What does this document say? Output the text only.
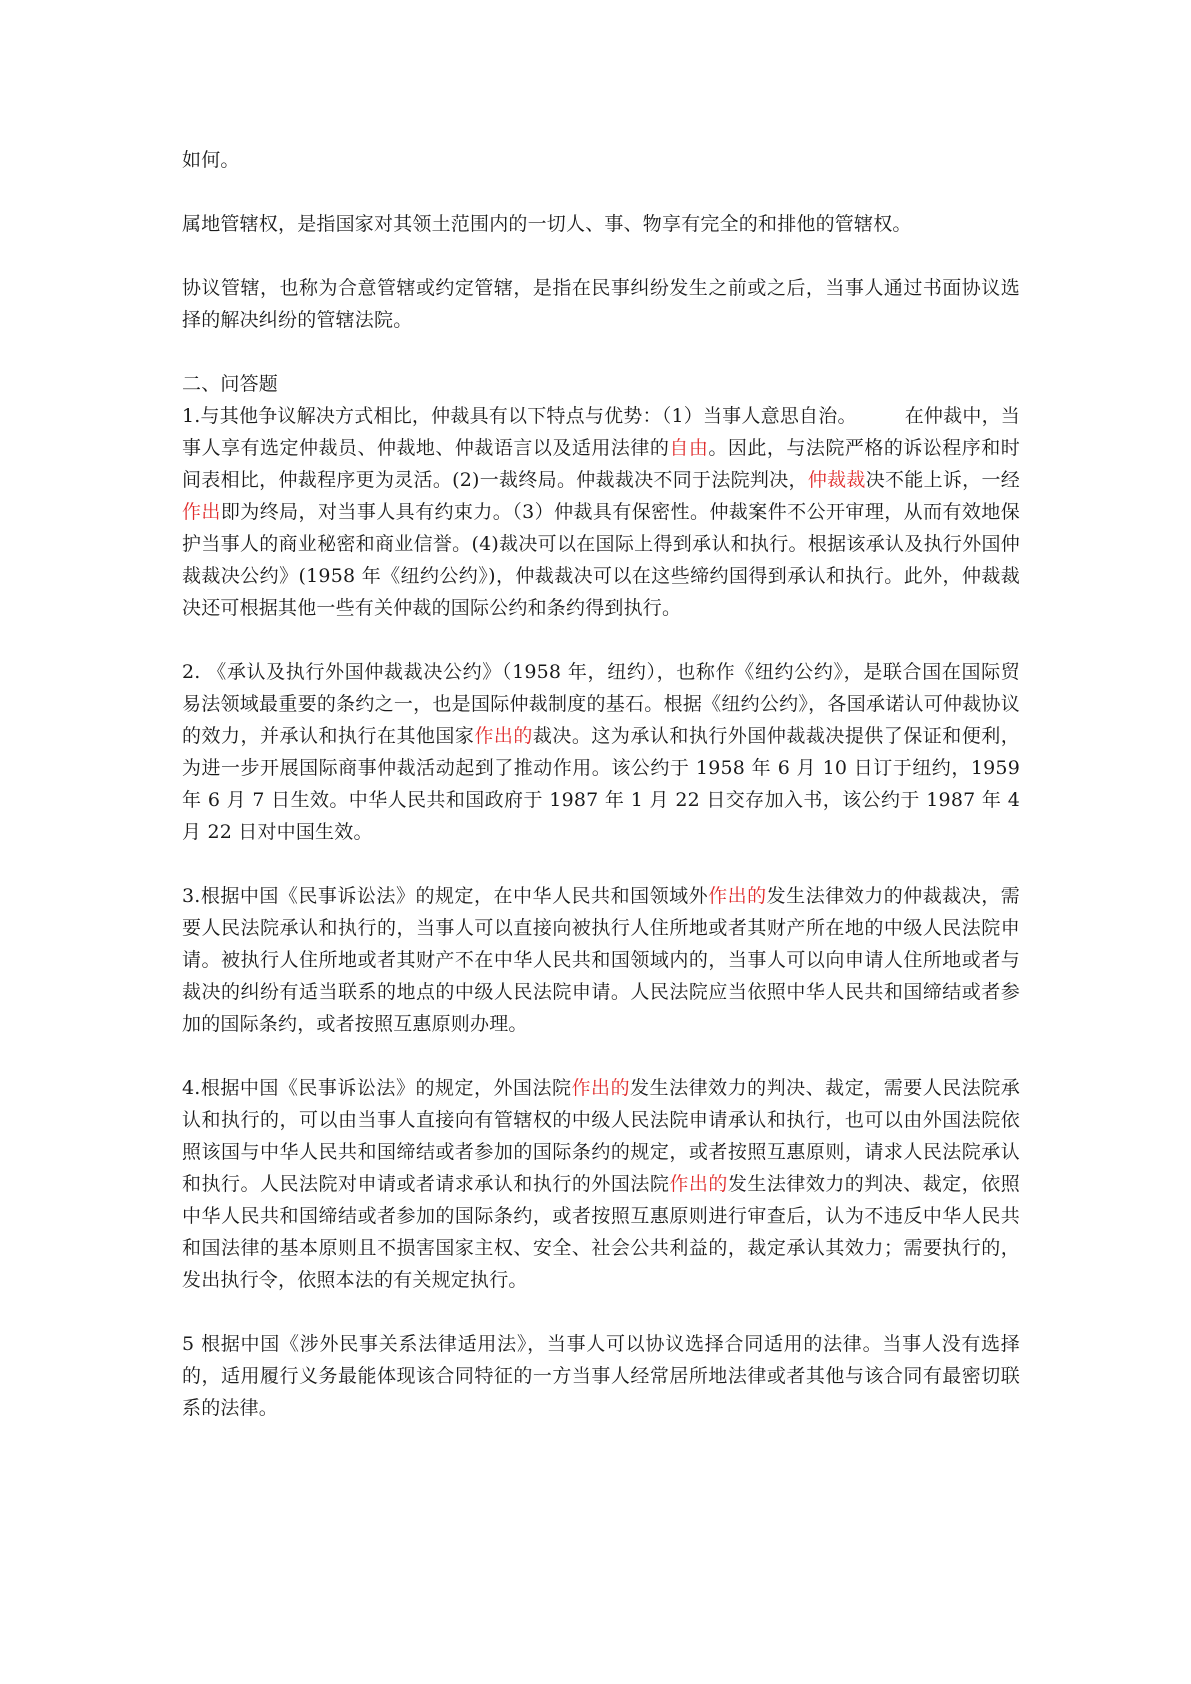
如何。

属地管辖权，是指国家对其领土范围内的一切人、事、物享有完全的和排他的管辖权。

协议管辖，也称为合意管辖或约定管辖，是指在民事纠纷发生之前或之后，当事人通过书面协议选择的解决纠纷的管辖法院。

二、问答题

1.与其他争议解决方式相比，仲裁具有以下特点与优势：（1）当事人意思自治。	在仲裁中，当事人享有选定仲裁员、仲裁地、仲裁语言以及适用法律的自由。因此，与法院严格的诉讼程序和时间表相比，仲裁程序更为灵活。(2)一裁终局。仲裁裁决不同于法院判决，仲裁裁决不能上诉，一经作出即为终局，对当事人具有约束力。（3）仲裁具有保密性。仲裁案件不公开审理，从而有效地保护当事人的商业秘密和商业信誉。(4)裁决可以在国际上得到承认和执行。根据该承认及执行外国仲裁裁决公约》(1958 年《纽约公约》)，仲裁裁决可以在这些缔约国得到承认和执行。此外，仲裁裁决还可根据其他一些有关仲裁的国际公约和条约得到执行。

2. 《承认及执行外国仲裁裁决公约》（1958 年，纽约），也称作《纽约公约》，是联合国在国际贸易法领域最重要的条约之一，也是国际仲裁制度的基石。根据《纽约公约》，各国承诺认可仲裁协议的效力，并承认和执行在其他国家作出的裁决。这为承认和执行外国仲裁裁决提供了保证和便利，为进一步开展国际商事仲裁活动起到了推动作用。该公约于 1958 年 6 月 10 日订于纽约，1959 年 6 月 7 日生效。中华人民共和国政府于 1987 年 1 月 22 日交存加入书，该公约于 1987 年 4 月 22 日对中国生效。

3.根据中国《民事诉讼法》的规定，在中华人民共和国领域外作出的发生法律效力的仲裁裁决，需要人民法院承认和执行的，当事人可以直接向被执行人住所地或者其财产所在地的中级人民法院申请。被执行人住所地或者其财产不在中华人民共和国领域内的，当事人可以向申请人住所地或者与裁决的纠纷有适当联系的地点的中级人民法院申请。人民法院应当依照中华人民共和国缔结或者参加的国际条约，或者按照互惠原则办理。

4.根据中国《民事诉讼法》的规定，外国法院作出的发生法律效力的判决、裁定，需要人民法院承认和执行的，可以由当事人直接向有管辖权的中级人民法院申请承认和执行，也可以由外国法院依照该国与中华人民共和国缔结或者参加的国际条约的规定，或者按照互惠原则，请求人民法院承认和执行。人民法院对申请或者请求承认和执行的外国法院作出的发生法律效力的判决、裁定，依照中华人民共和国缔结或者参加的国际条约，或者按照互惠原则进行审查后，认为不违反中华人民共和国法律的基本原则且不损害国家主权、安全、社会公共利益的，裁定承认其效力；需要执行的，发出执行令，依照本法的有关规定执行。

5 根据中国《涉外民事关系法律适用法》，当事人可以协议选择合同适用的法律。当事人没有选择的，适用履行义务最能体现该合同特征的一方当事人经常居所地法律或者其他与该合同有最密切联系的法律。
